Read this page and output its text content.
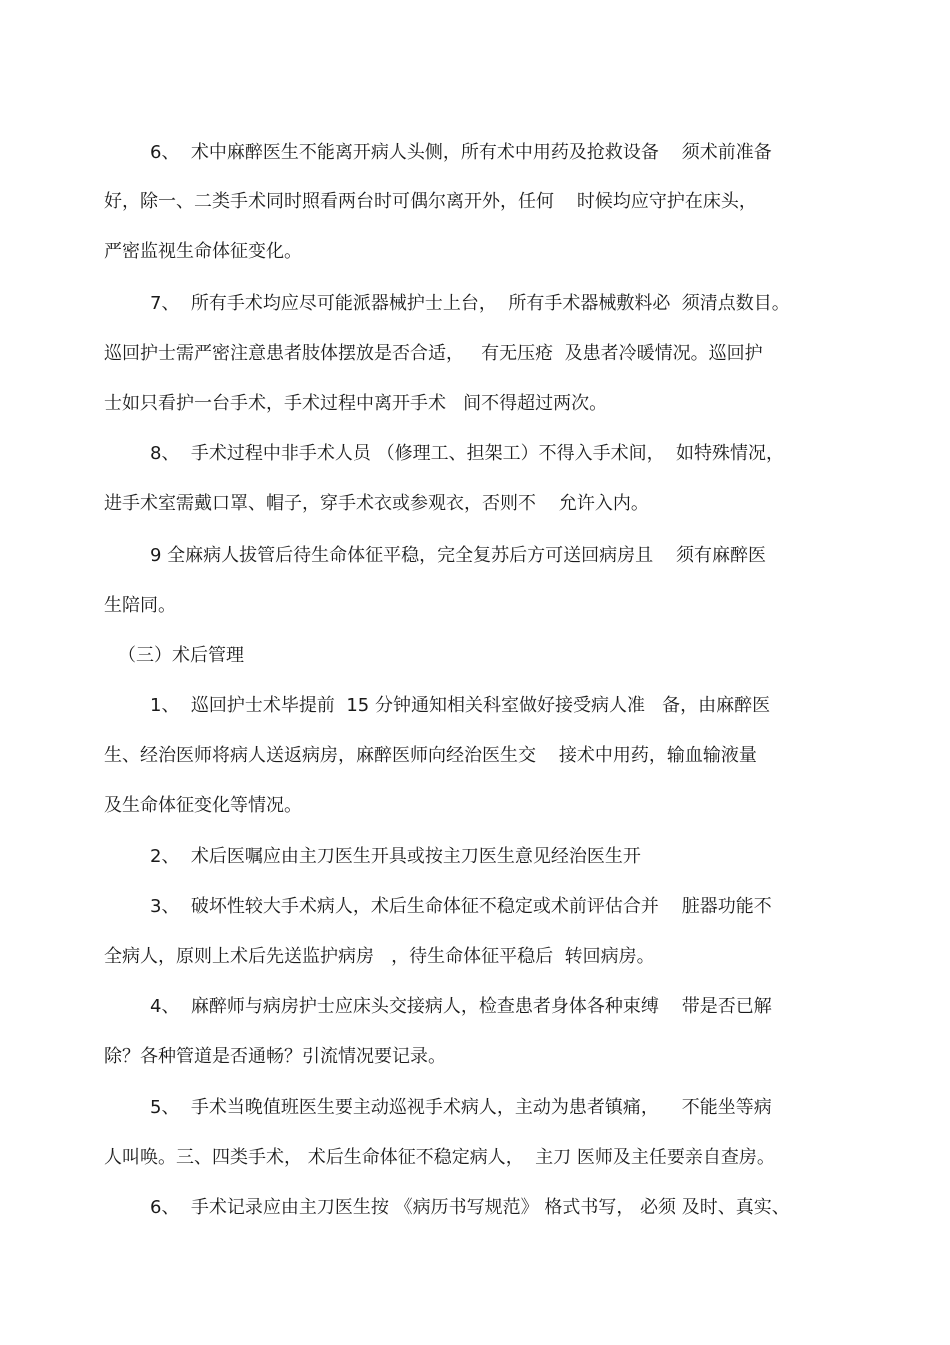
6、  术中麻醉医生不能离开病人头侧，所有术中用药及抢救设备    须术前准备
好，除一、二类手术同时照看两台时可偶尔离开外，任何    时候均应守护在床头，
严密监视生命体征变化。
7、  所有手术均应尽可能派器械护士上台，  所有手术器械敷料必  须清点数目。
巡回护士需严密注意患者肢体摆放是否合适，   有无压疮  及患者冷暖情况。巡回护
士如只看护一台手术，手术过程中离开手术   间不得超过两次。
8、  手术过程中非手术人员 （修理工、担架工）不得入手术间，  如特殊情况，
进手术室需戴口罩、帽子，穿手术衣或参观衣，否则不    允许入内。
9 全麻病人拔管后待生命体征平稳，完全复苏后方可送回病房且    须有麻醉医
生陪同。
（三）术后管理
1、  巡回护士术毕提前  15 分钟通知相关科室做好接受病人准   备，由麻醉医
生、经治医师将病人送返病房，麻醉医师向经治医生交    接术中用药，输血输液量
及生命体征变化等情况。
2、  术后医嘱应由主刀医生开具或按主刀医生意见经治医生开
3、  破坏性较大手术病人，术后生命体征不稳定或术前评估合并    脏器功能不
全病人，原则上术后先送监护病房   ，待生命体征平稳后  转回病房。
4、  麻醉师与病房护士应床头交接病人，检查患者身体各种束缚    带是否已解
除？各种管道是否通畅？引流情况要记录。
5、  手术当晚值班医生要主动巡视手术病人，主动为患者镇痛，    不能坐等病
人叫唤。三、四类手术， 术后生命体征不稳定病人，  主刀 医师及主任要亲自查房。
6、  手术记录应由主刀医生按 《病历书写规范》 格式书写， 必须 及时、真实、
